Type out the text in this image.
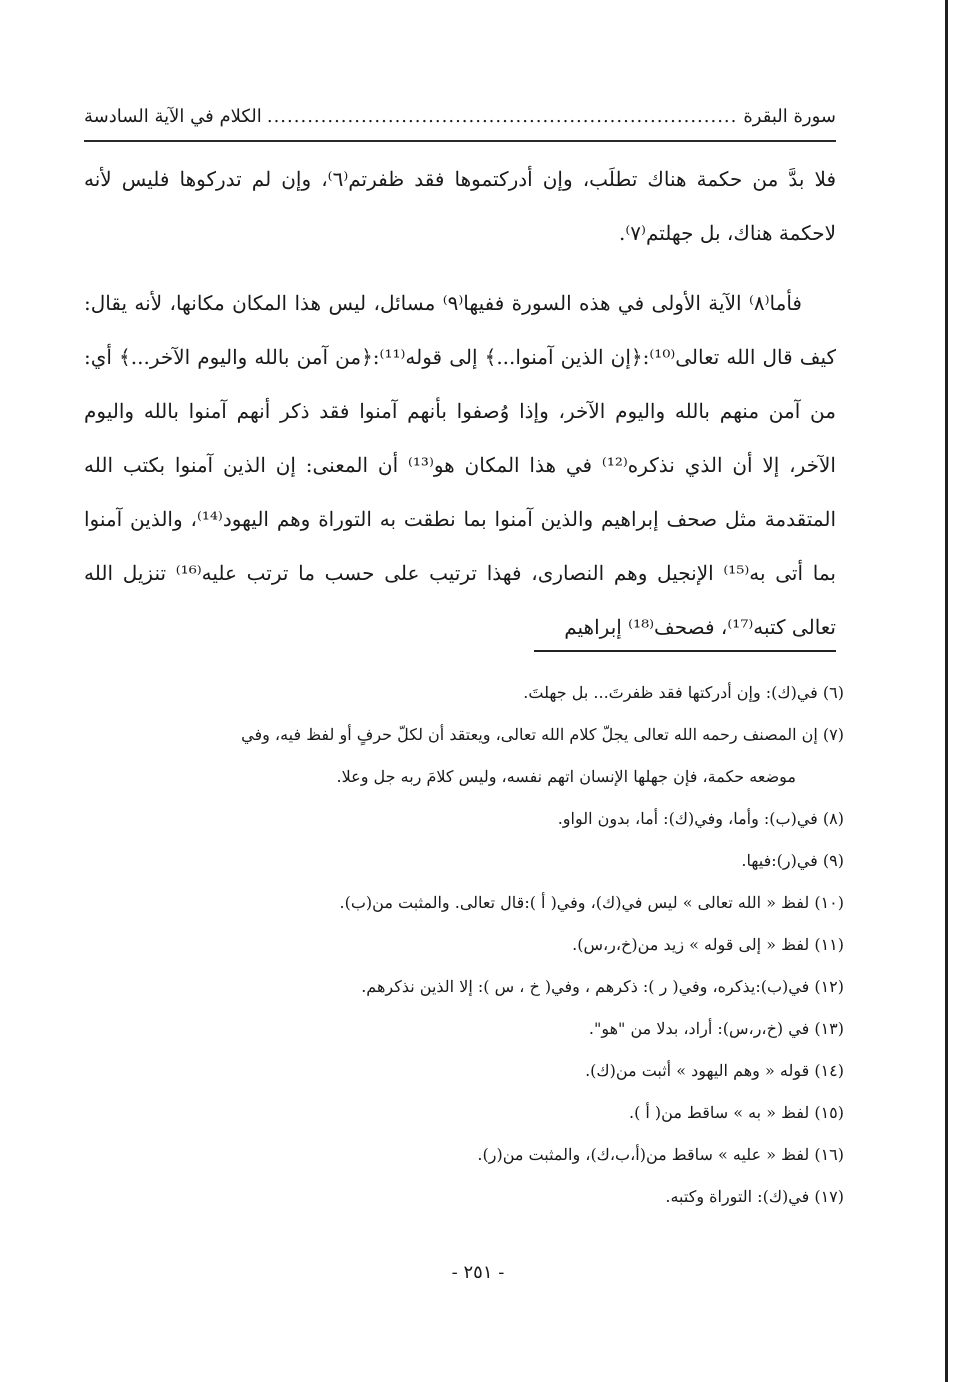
سورة البقرة
.....
الكلام في الآية السادسة

فلا بدَّ من حكمة هناك تطلَب، وإن أدركتموها فقد ظفرتم⁽٦⁾، وإن لم تدركوها فليس لأنه لاحكمة هناك، بل جهلتم⁽٧⁾.

فأما⁽٨⁾ الآية الأولى في هذه السورة ففيها⁽٩⁾ مسائل، ليس هذا المكان مكانها، لأنه يقال: كيف قال الله تعالى⁽¹⁰⁾:﴿إن الذين آمنوا...﴾ إلى قوله⁽¹¹⁾:﴿من آمن بالله واليوم الآخر...﴾ أي: من آمن منهم بالله واليوم الآخر، وإذا وُصفوا بأنهم آمنوا فقد ذكر أنهم آمنوا بالله واليوم الآخر، إلا أن الذي نذكره⁽¹²⁾ في هذا المكان هو⁽¹³⁾ أن المعنى: إن الذين آمنوا بكتب الله المتقدمة مثل صحف إبراهيم والذين آمنوا بما نطقت به التوراة وهم اليهود⁽¹⁴⁾، والذين آمنوا بما أتى به⁽¹⁵⁾ الإنجيل وهم النصارى، فهذا ترتيب على حسب ما ترتب عليه⁽¹⁶⁾ تنزيل الله تعالى كتبه⁽¹⁷⁾، فصحف⁽¹⁸⁾ إبراهيم

(٦) في(ك): وإن أدركتها فقد ظفرتَ... بل جهلتَ.
(٧) إن المصنف رحمه الله تعالى يجلّ كلام الله تعالى، ويعتقد أن لكلّ حرفٍ أو لفظ فيه، وفي
موضعه حكمة، فإن جهلها الإنسان اتهم نفسه، وليس كلامَ ربه جل وعلا.
(٨) في(ب): وأما، وفي(ك): أما، بدون الواو.
(٩) في(ر):فيها.
(١٠) لفظ « الله تعالى » ليس في(ك)، وفي( أ ):قال تعالى. والمثبت من(ب).
(١١) لفظ « إلى قوله » زيد من(خ،ر،س).
(١٢) في(ب):يذكره، وفي( ر ): ذكرهم ، وفي( خ ، س ): إلا الذين نذكرهم.
(١٣) في (خ،ر،س): أراد، بدلا من "هو".
(١٤) قوله « وهم اليهود » أثبت من(ك).
(١٥) لفظ « به » ساقط من( أ ).
(١٦) لفظ « عليه » ساقط من(أ،ب،ك)، والمثبت من(ر).
(١٧) في(ك): التوراة وكتبه.
- ٢٥١ -
